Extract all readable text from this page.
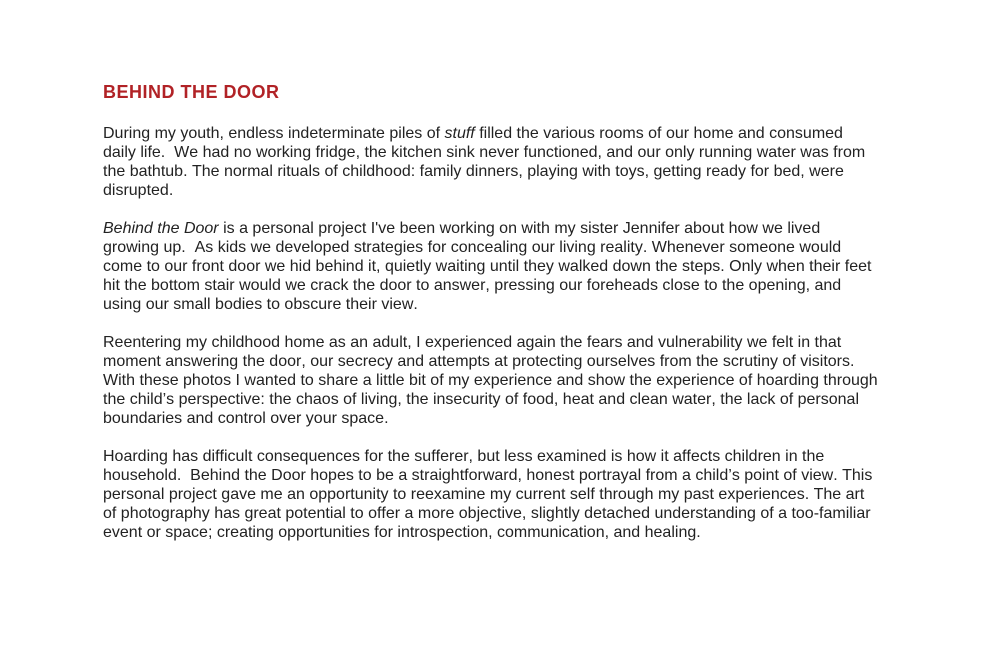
BEHIND THE DOOR

During my youth, endless indeterminate piles of stuff filled the various rooms of our home and consumed daily life.  We had no working fridge, the kitchen sink never functioned, and our only running water was from the bathtub. The normal rituals of childhood: family dinners, playing with toys, getting ready for bed, were disrupted.

Behind the Door is a personal project I've been working on with my sister Jennifer about how we lived growing up.  As kids we developed strategies for concealing our living reality. Whenever someone would come to our front door we hid behind it, quietly waiting until they walked down the steps. Only when their feet hit the bottom stair would we crack the door to answer, pressing our foreheads close to the opening, and using our small bodies to obscure their view.

Reentering my childhood home as an adult, I experienced again the fears and vulnerability we felt in that moment answering the door, our secrecy and attempts at protecting ourselves from the scrutiny of visitors. With these photos I wanted to share a little bit of my experience and show the experience of hoarding through the child’s perspective: the chaos of living, the insecurity of food, heat and clean water, the lack of personal boundaries and control over your space.

Hoarding has difficult consequences for the sufferer, but less examined is how it affects children in the household.  Behind the Door hopes to be a straightforward, honest portrayal from a child’s point of view. This personal project gave me an opportunity to reexamine my current self through my past experiences. The art of photography has great potential to offer a more objective, slightly detached understanding of a too-familiar event or space; creating opportunities for introspection, communication, and healing.
